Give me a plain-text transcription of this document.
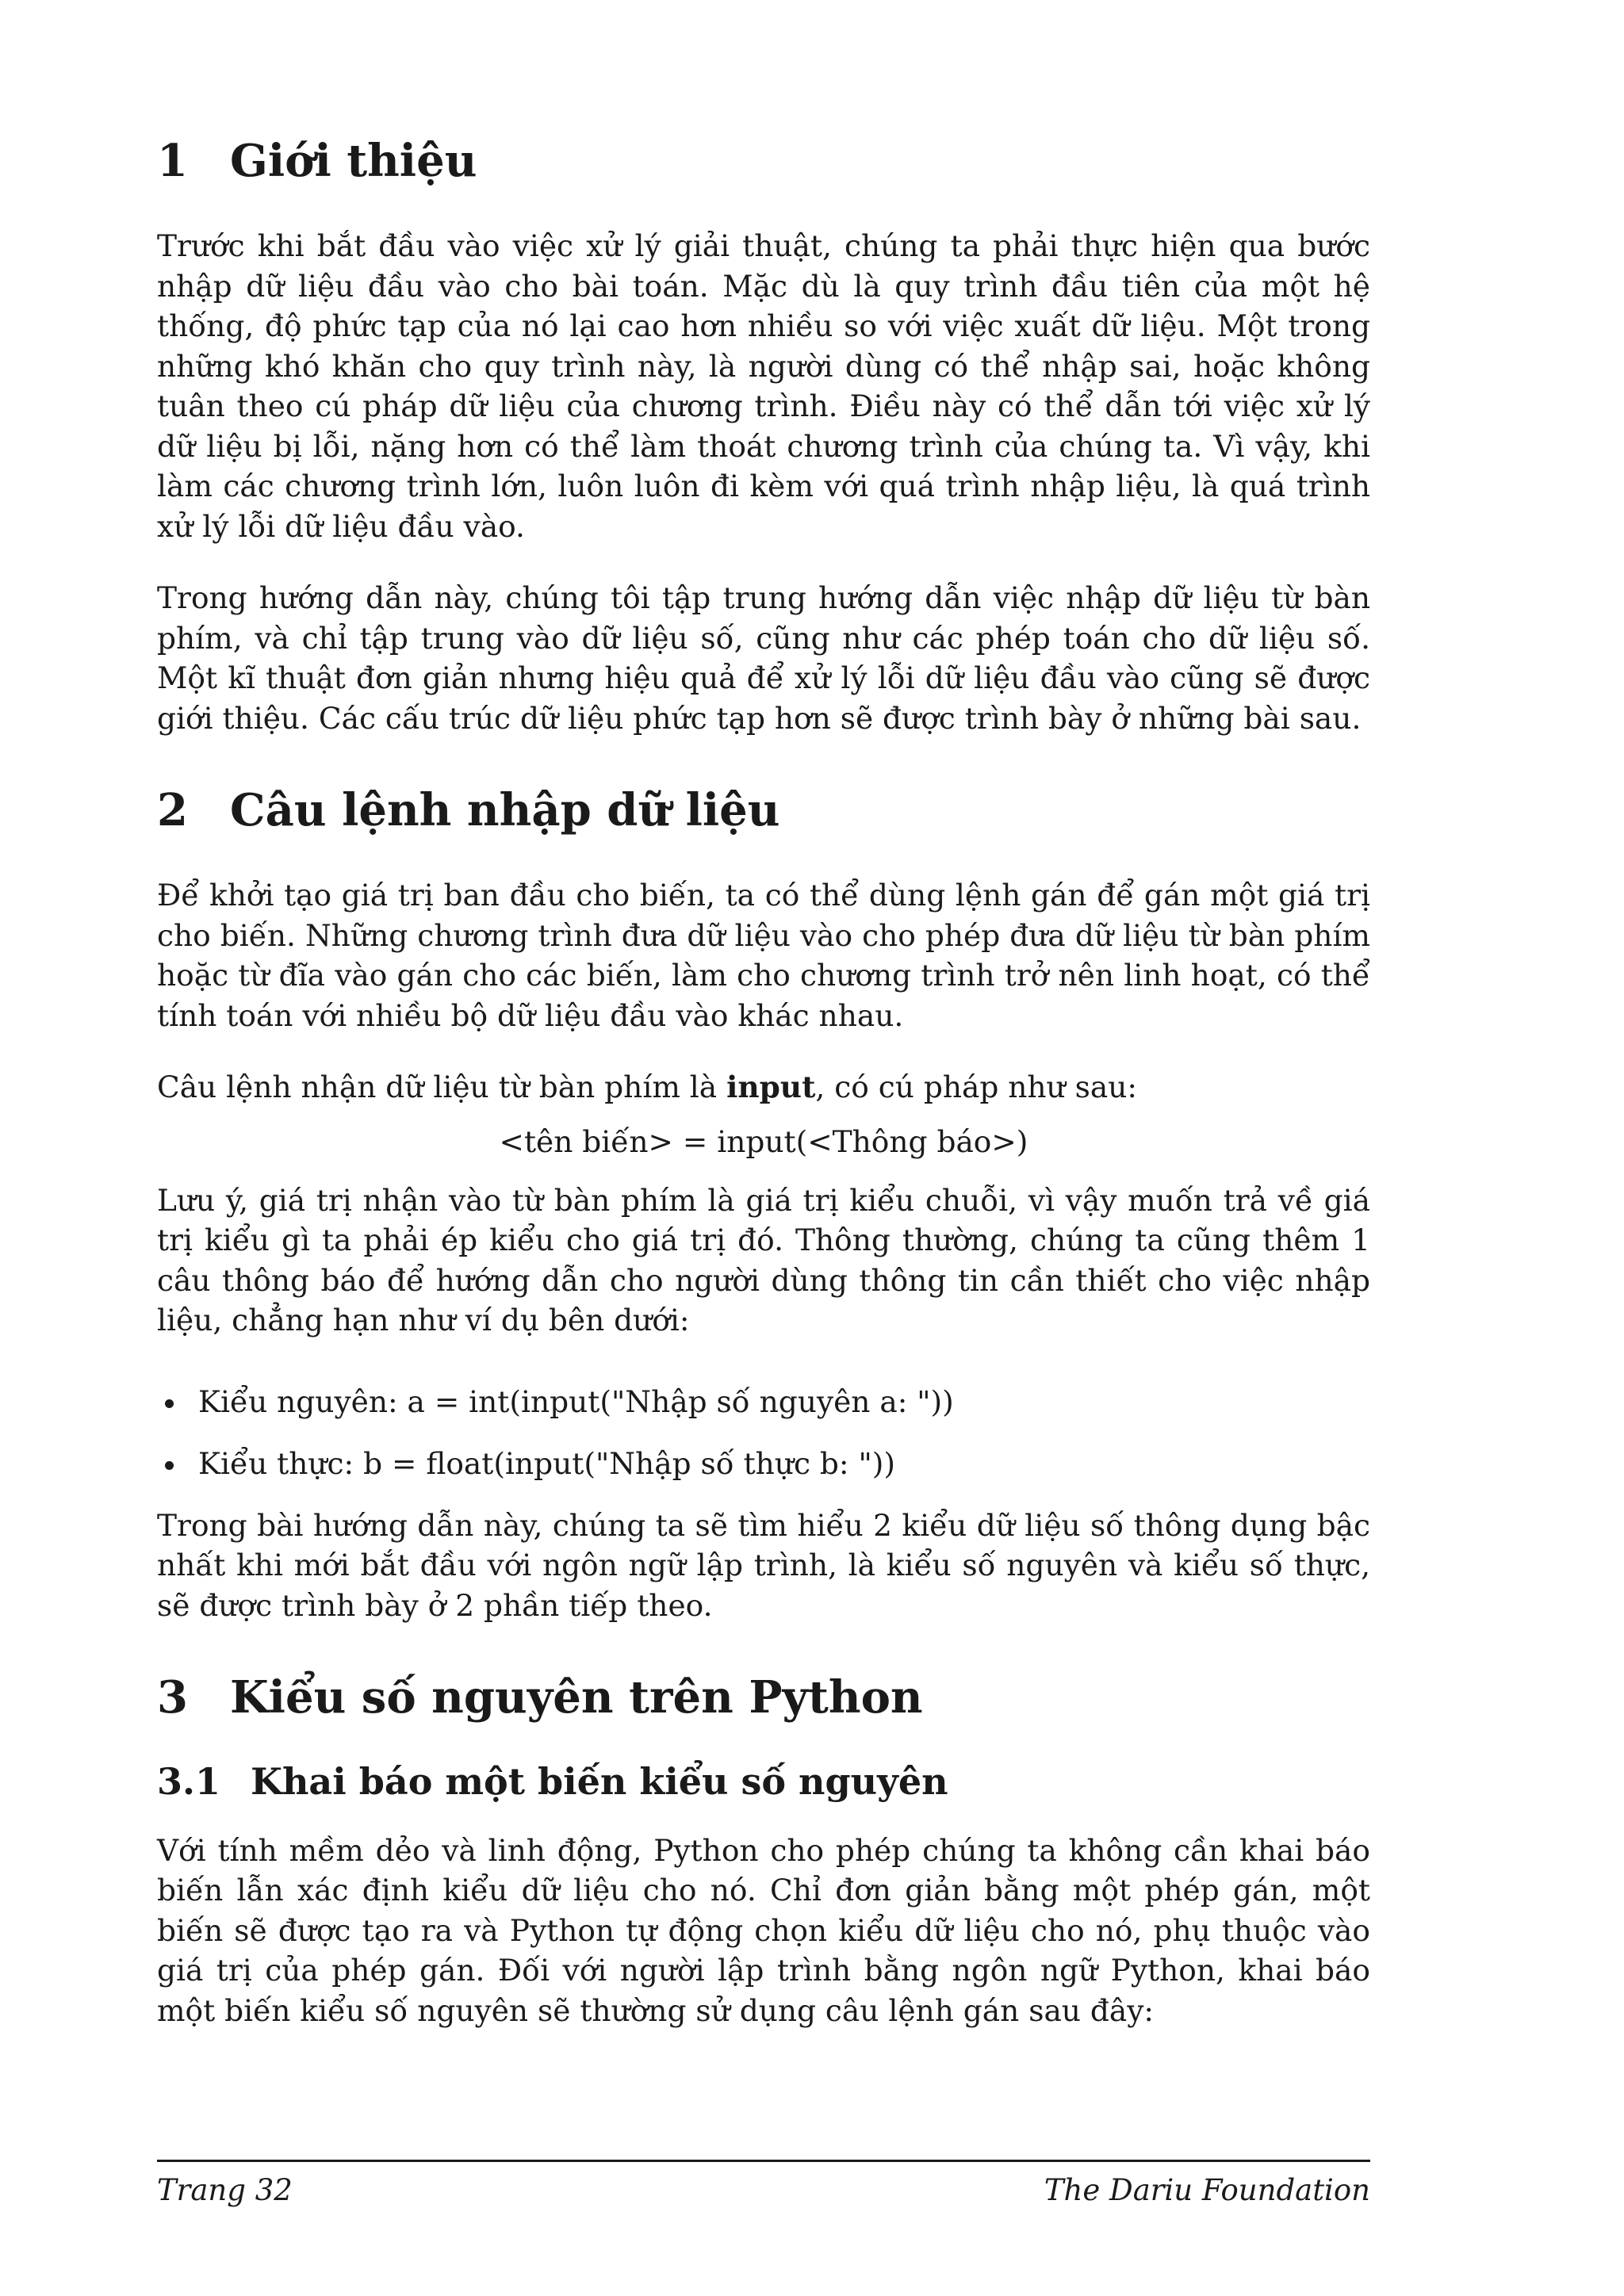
1 Giới thiệu

Trước khi bắt đầu vào việc xử lý giải thuật, chúng ta phải thực hiện qua bước nhập dữ liệu đầu vào cho bài toán. Mặc dù là quy trình đầu tiên của một hệ thống, độ phức tạp của nó lại cao hơn nhiều so với việc xuất dữ liệu. Một trong những khó khăn cho quy trình này, là người dùng có thể nhập sai, hoặc không tuân theo cú pháp dữ liệu của chương trình. Điều này có thể dẫn tới việc xử lý dữ liệu bị lỗi, nặng hơn có thể làm thoát chương trình của chúng ta. Vì vậy, khi làm các chương trình lớn, luôn luôn đi kèm với quá trình nhập liệu, là quá trình xử lý lỗi dữ liệu đầu vào.

Trong hướng dẫn này, chúng tôi tập trung hướng dẫn việc nhập dữ liệu từ bàn phím, và chỉ tập trung vào dữ liệu số, cũng như các phép toán cho dữ liệu số. Một kĩ thuật đơn giản nhưng hiệu quả để xử lý lỗi dữ liệu đầu vào cũng sẽ được giới thiệu. Các cấu trúc dữ liệu phức tạp hơn sẽ được trình bày ở những bài sau.

2 Câu lệnh nhập dữ liệu

Để khởi tạo giá trị ban đầu cho biến, ta có thể dùng lệnh gán để gán một giá trị cho biến. Những chương trình đưa dữ liệu vào cho phép đưa dữ liệu từ bàn phím hoặc từ đĩa vào gán cho các biến, làm cho chương trình trở nên linh hoạt, có thể tính toán với nhiều bộ dữ liệu đầu vào khác nhau.

Câu lệnh nhận dữ liệu từ bàn phím là input, có cú pháp như sau:

<tên biến> = input(<Thông báo>)

Lưu ý, giá trị nhận vào từ bàn phím là giá trị kiểu chuỗi, vì vậy muốn trả về giá trị kiểu gì ta phải ép kiểu cho giá trị đó. Thông thường, chúng ta cũng thêm 1 câu thông báo để hướng dẫn cho người dùng thông tin cần thiết cho việc nhập liệu, chẳng hạn như ví dụ bên dưới:

Kiểu nguyên: a = int(input("Nhập số nguyên a: "))
Kiểu thực: b = float(input("Nhập số thực b: "))

Trong bài hướng dẫn này, chúng ta sẽ tìm hiểu 2 kiểu dữ liệu số thông dụng bậc nhất khi mới bắt đầu với ngôn ngữ lập trình, là kiểu số nguyên và kiểu số thực, sẽ được trình bày ở 2 phần tiếp theo.

3 Kiểu số nguyên trên Python
3.1 Khai báo một biến kiểu số nguyên

Với tính mềm dẻo và linh động, Python cho phép chúng ta không cần khai báo biến lẫn xác định kiểu dữ liệu cho nó. Chỉ đơn giản bằng một phép gán, một biến sẽ được tạo ra và Python tự động chọn kiểu dữ liệu cho nó, phụ thuộc vào giá trị của phép gán. Đối với người lập trình bằng ngôn ngữ Python, khai báo một biến kiểu số nguyên sẽ thường sử dụng câu lệnh gán sau đây:

Trang 32	The Dariu Foundation
